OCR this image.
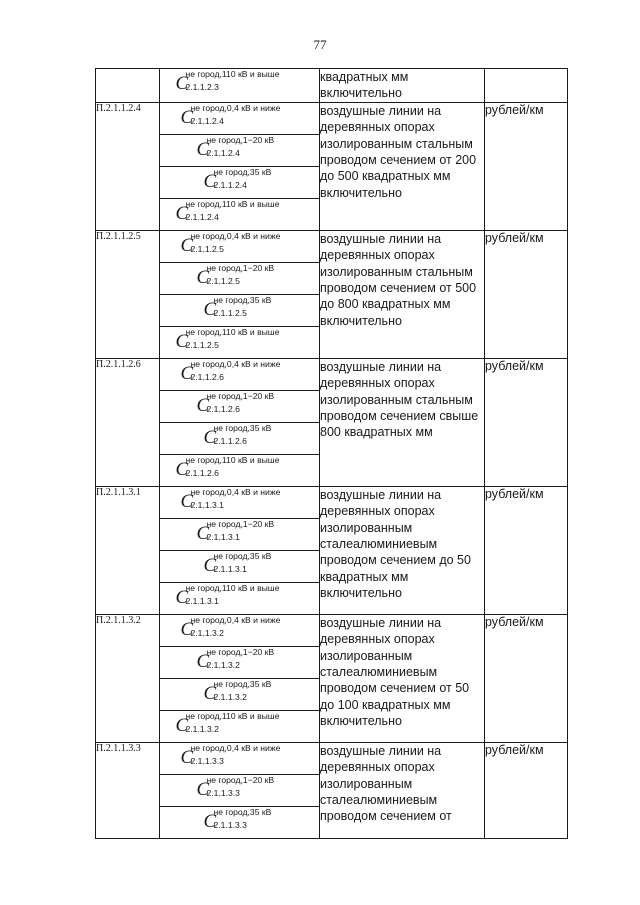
77

	C
не город,110 кВ и выше
2.1.1.2.3	квадратных мм включительно	
П.2.1.1.2.4	C
не город,0,4 кВ и ниже
2.1.1.2.4	воздушные линии на деревянных опорах изолированным стальным проводом сечением от 200 до 500 квадратных мм включительно	рублей/км

	C
не город,1−20 кВ
2.1.1.2.4		

	C
не город,35 кВ
2.1.1.2.4		

	C
не город,110 кВ и выше
2.1.1.2.4		

П.2.1.1.2.5	C
не город,0,4 кВ и ниже
2.1.1.2.5	воздушные линии на деревянных опорах изолированным стальным проводом сечением от 500 до 800 квадратных мм включительно	рублей/км

	C
не город,1−20 кВ
2.1.1.2.5		

	C
не город,35 кВ
2.1.1.2.5		

	C
не город,110 кВ и выше
2.1.1.2.5		

П.2.1.1.2.6	C
не город,0,4 кВ и ниже
2.1.1.2.6	воздушные линии на деревянных опорах изолированным стальным проводом сечением свыше 800 квадратных мм	рублей/км

	C
не город,1−20 кВ
2.1.1.2.6		

	C
не город,35 кВ
2.1.1.2.6		

	C
не город,110 кВ и выше
2.1.1.2.6		

П.2.1.1.3.1	C
не город,0,4 кВ и ниже
2.1.1.3.1	воздушные линии на деревянных опорах изолированным сталеалюминиевым проводом сечением до 50 квадратных мм включительно	рублей/км

	C
не город,1−20 кВ
2.1.1.3.1		

	C
не город,35 кВ
2.1.1.3.1		

	C
не город,110 кВ и выше
2.1.1.3.1		

П.2.1.1.3.2	C
не город,0,4 кВ и ниже
2.1.1.3.2	воздушные линии на деревянных опорах изолированным сталеалюминиевым проводом сечением от 50 до 100 квадратных мм включительно	рублей/км

	C
не город,1−20 кВ
2.1.1.3.2		

	C
не город,35 кВ
2.1.1.3.2		

	C
не город,110 кВ и выше
2.1.1.3.2		

П.2.1.1.3.3	C
не город,0,4 кВ и ниже
2.1.1.3.3	воздушные линии на деревянных опорах изолированным сталеалюминиевым проводом сечением от	рублей/км

	C
не город,1−20 кВ
2.1.1.3.3		

	C
не город,35 кВ
2.1.1.3.3		
